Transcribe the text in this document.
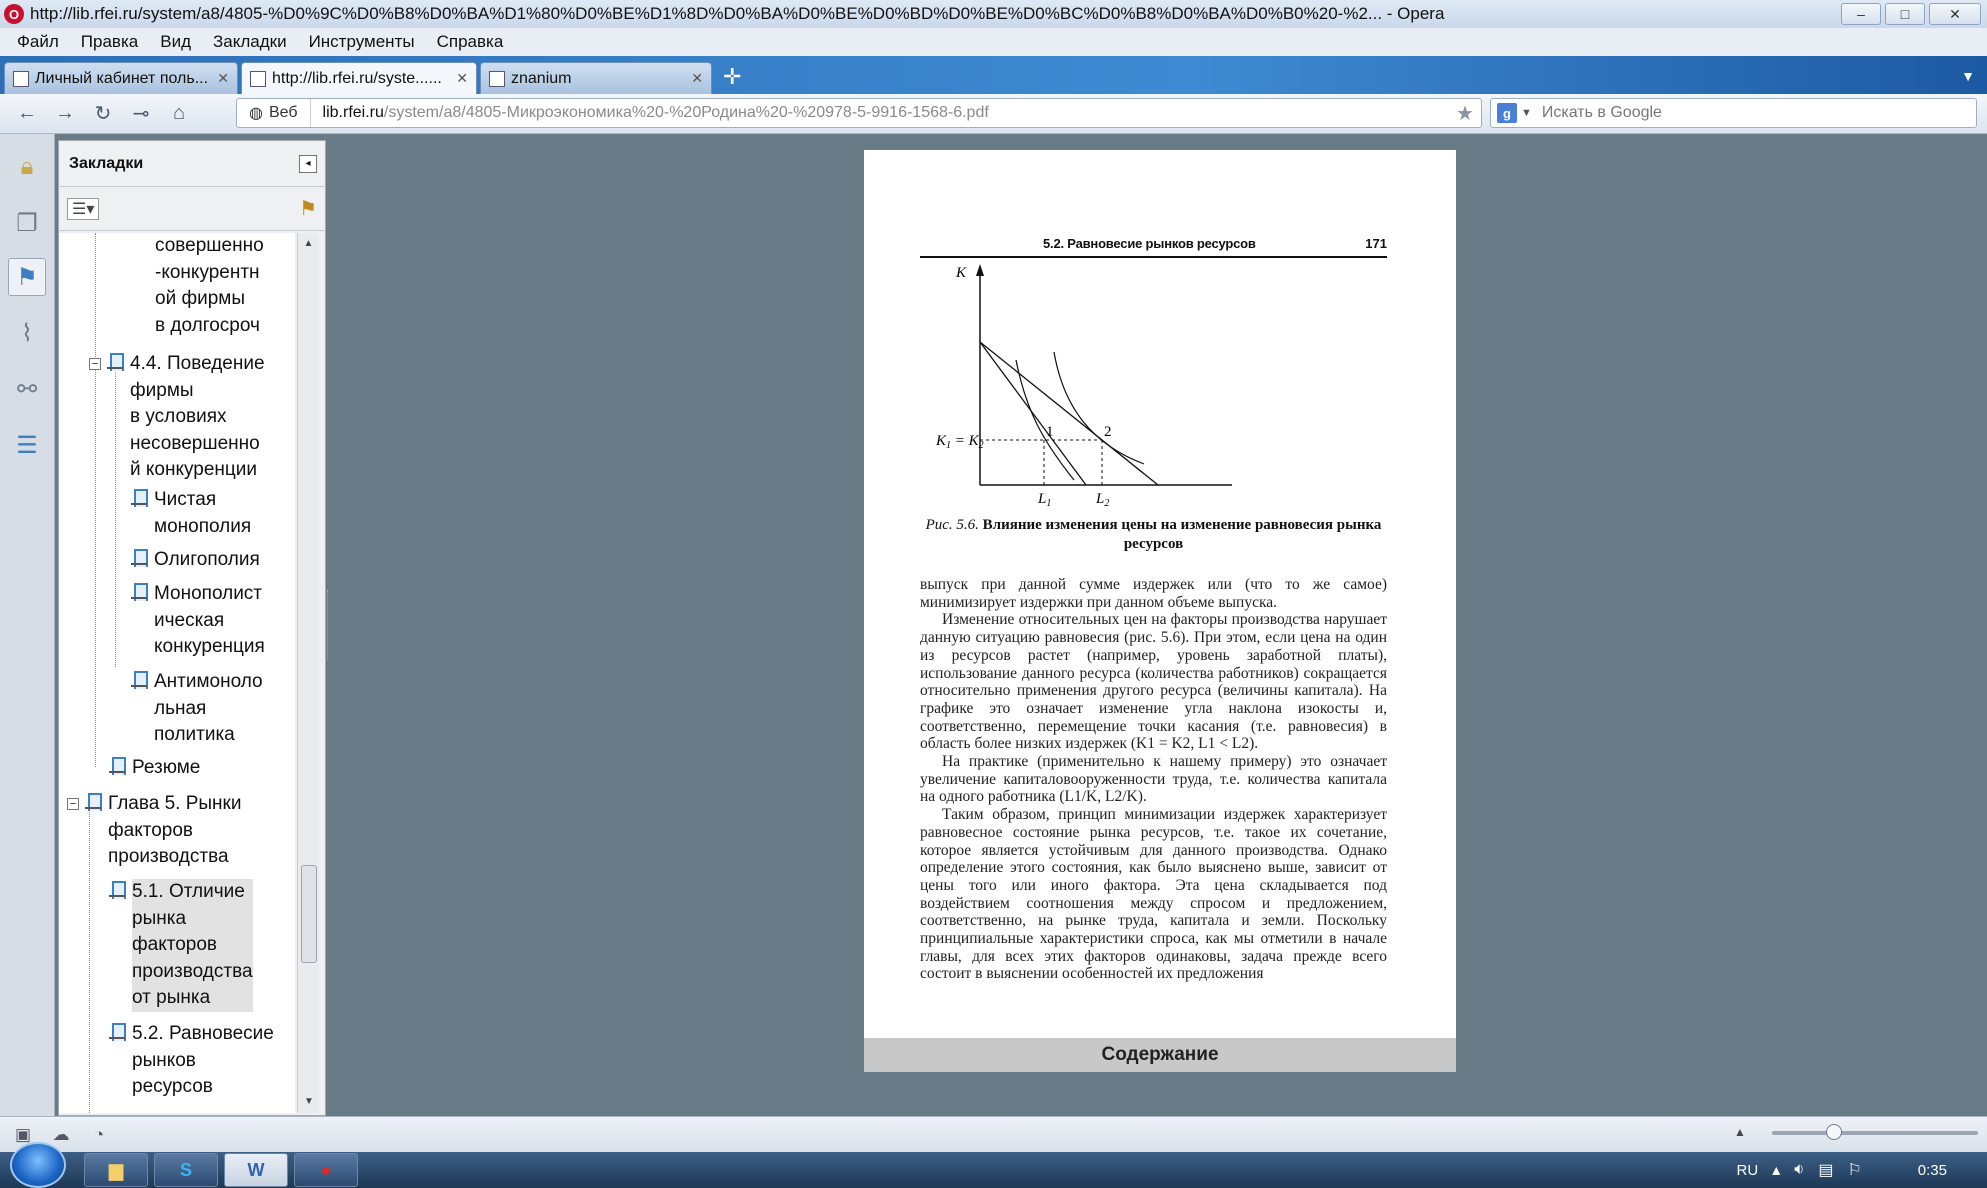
O http://lib.rfei.ru/system/a8/4805-%D0%9C%D0%B8%D0%BA%D1%80%D0%BE%D1%8D%D0%BA%D0%BE%D0%BD%D0%BE%D0%BC%D0%B8%D0%BA%D0%B0%20-%2... - Opera	–	□	✕
Файл	Правка	Вид	Закладки	Инструменты	Справка
Личный кабинет поль... ✕	http://lib.rfei.ru/syste......	✕	znanium	✕ ✛	▼
← → ↻	⊸	⌂	◍ Веб	lib.rfei.ru/system/a8/4805-Микроэкономика%20-%20Родина%20-%20978-5-9916-1568-6.pdf	★	g ▼ Искать в Google
🔒︎
❐
⚑
⌇
⚯
☰
Закладки	◂
☰▾	⚑
совершенно
-конкурентн
ой фирмы
в долгосроч
− 4.4. Поведение
фирмы
в условиях
несовершенно
й конкуренции
Чистая
монополия
Олигополия
Монополист
ическая
конкуренция
Антимоноло
льная
политика
Резюме
− Глава 5. Рынки
факторов
производства
5.1. Отличие
рынка
факторов
производства
от рынка
5.2. Равновесие
рынков
ресурсов
▲
▼
5.2. Равновесие рынков ресурсов	171
K
1	2
$K_1 = K_2$
$L_1$	$L_2$
Рис. 5.6. Влияние изменения цены на изменение равновесия рынка ресурсов

выпуск при данной сумме издержек или (что то же самое) минимизирует издержки при данном объеме выпуска.

Изменение относительных цен на факторы производства нарушает данную ситуацию равновесия (рис. 5.6). При этом, если цена на один из ресурсов растет (например, уровень заработной платы), использование данного ресурса (количества работников) сокращается относительно применения другого ресурса (величины капитала). На графике это означает изменение угла наклона изокосты и, соответственно, перемещение точки касания (т.е. равновесия) в область более низких издержек (K1 = K2, L1 < L2).

На практике (применительно к нашему примеру) это означает увеличение капиталовооруженности труда, т.е. количества капитала на одного работника (L1/K, L2/K).

Таким образом, принцип минимизации издержек характеризует равновесное состояние рынка ресурсов, т.е. такое их сочетание, которое является устойчивым для данного производства. Однако определение этого состояния, как было выяснено выше, зависит от цены того или иного фактора. Эта цена складывается под воздействием соотношения между спросом и предложением, соответственно, на рынке труда, капитала и земли. Поскольку принципиальные характеристики спроса, как мы отметили в начале главы, для всех этих факторов одинаковы, задача прежде всего состоит в выяснении особенностей их предложения

Содержание
▣	☁	◔	▲
▆	S	W	●	RU ▴ 🔉︎ ▤ ⚐	0:35
